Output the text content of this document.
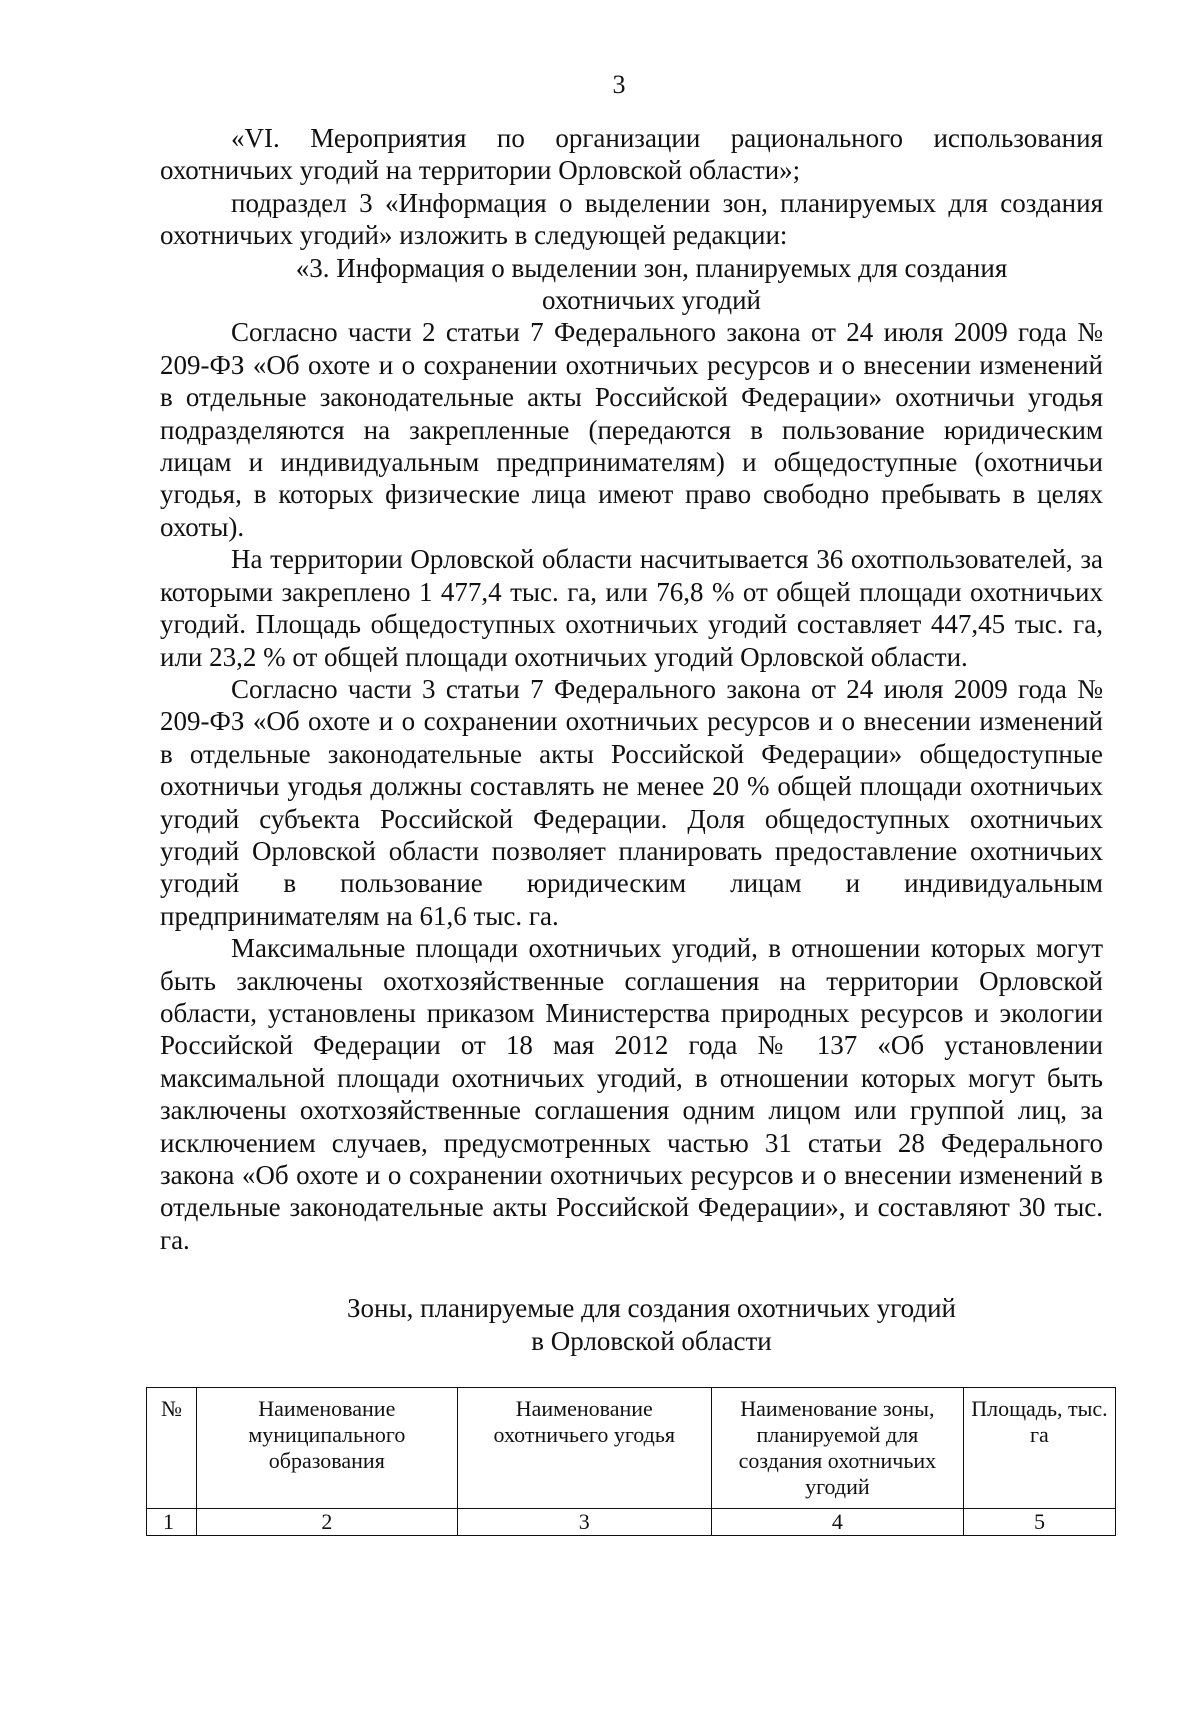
3

«VI. Мероприятия по организации рационального использования охотничьих угодий на территории Орловской области»;

подраздел 3 «Информация о выделении зон, планируемых для создания охотничьих угодий» изложить в следующей редакции:

«3. Информация о выделении зон, планируемых для создания

охотничьих угодий

Согласно части 2 статьи 7 Федерального закона от 24 июля 2009 года № 209-ФЗ «Об охоте и о сохранении охотничьих ресурсов и о внесении изменений в отдельные законодательные акты Российской Федерации» охотничьи угодья подразделяются на закрепленные (передаются в пользование юридическим лицам и индивидуальным предпринимателям) и общедоступные (охотничьи угодья, в которых физические лица имеют право свободно пребывать в целях охоты).

На территории Орловской области насчитывается 36 охотпользователей, за которыми закреплено 1 477,4 тыс. га, или 76,8 % от общей площади охотничьих угодий. Площадь общедоступных охотничьих угодий составляет 447,45 тыс. га, или 23,2 % от общей площади охотничьих угодий Орловской области.

Согласно части 3 статьи 7 Федерального закона от 24 июля 2009 года № 209-ФЗ «Об охоте и о сохранении охотничьих ресурсов и о внесении изменений в отдельные законодательные акты Российской Федерации» общедоступные охотничьи угодья должны составлять не менее 20 % общей площади охотничьих угодий субъекта Российской Федерации. Доля общедоступных охотничьих угодий Орловской области позволяет планировать предоставление охотничьих угодий в пользование юридическим лицам и индивидуальным предпринимателям на 61,6 тыс. га.

Максимальные площади охотничьих угодий, в отношении которых могут быть заключены охотхозяйственные соглашения на территории Орловской области, установлены приказом Министерства природных ресурсов и экологии Российской Федерации от 18 мая 2012 года № 137 «Об установлении максимальной площади охотничьих угодий, в отношении которых могут быть заключены охотхозяйственные соглашения одним лицом или группой лиц, за исключением случаев, предусмотренных частью 31 статьи 28 Федерального закона «Об охоте и о сохранении охотничьих ресурсов и о внесении изменений в отдельные законодательные акты Российской Федерации», и составляют 30 тыс. га.

Зоны, планируемые для создания охотничьих угодий

в Орловской области

№	Наименование муниципального образования	Наименование охотничьего угодья	Наименование зоны, планируемой для создания охотничьих угодий	Площадь, тыс. га
1	2	3	4	5
